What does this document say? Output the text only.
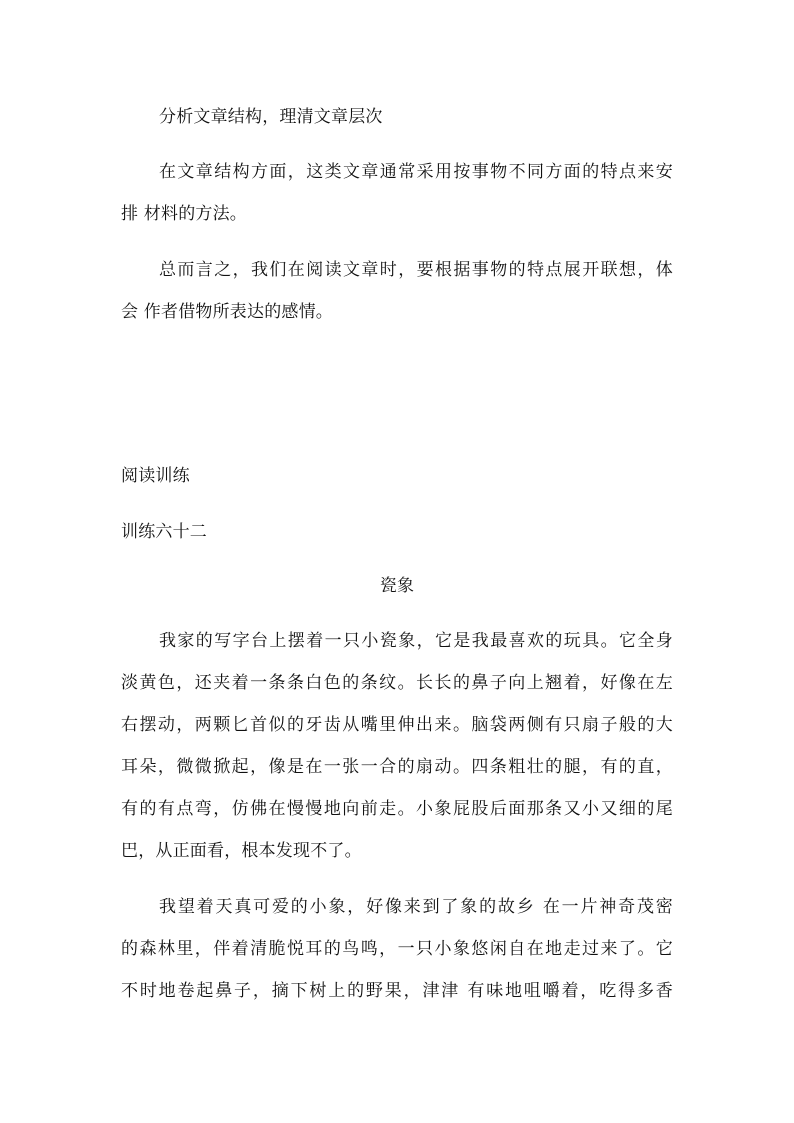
分析文章结构，理清文章层次
在文章结构方面，这类文章通常采用按事物不同方面的特点来安
排 材料的方法。
总而言之，我们在阅读文章时，要根据事物的特点展开联想，体
会 作者借物所表达的感情。
阅读训练
训练六十二
瓷象
我家的写字台上摆着一只小瓷象，它是我最喜欢的玩具。它全身
淡黄色，还夹着一条条白色的条纹。长长的鼻子向上翘着，好像在左
右摆动，两颗匕首似的牙齿从嘴里伸出来。脑袋两侧有只扇子般的大
耳朵，微微掀起，像是在一张一合的扇动。四条粗壮的腿，有的直，
有的有点弯，仿佛在慢慢地向前走。小象屁股后面那条又小又细的尾
巴，从正面看，根本发现不了。
我望着天真可爱的小象，好像来到了象的故乡 在一片神奇茂密
的森林里，伴着清脆悦耳的鸟鸣，一只小象悠闲自在地走过来了。它
不时地卷起鼻子，摘下树上的野果，津津 有味地咀嚼着，吃得多香
